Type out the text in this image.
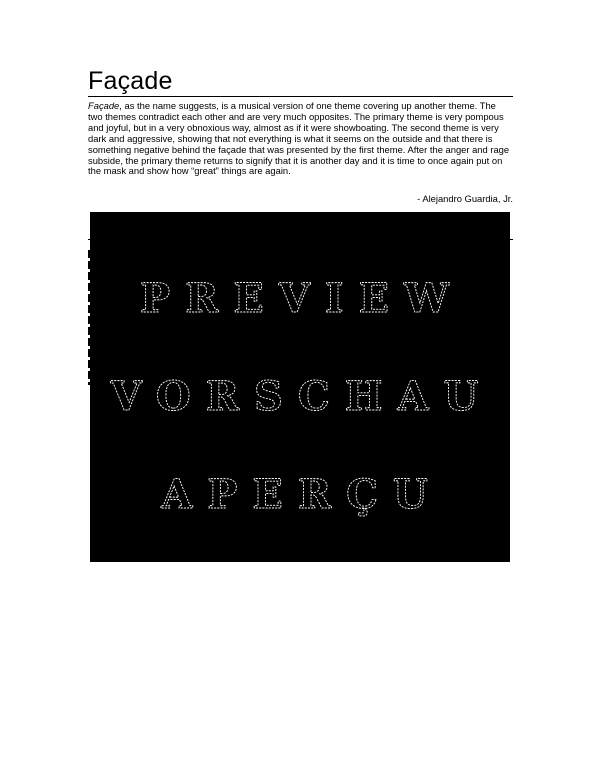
Façade

Façade, as the name suggests, is a musical version of one theme covering up another theme. The two themes contradict each other and are very much opposites. The primary theme is very pompous and joyful, but in a very obnoxious way, almost as if it were showboating. The second theme is very dark and aggressive, showing that not everything is what it seems on the outside and that there is something negative behind the façade that was presented by the first theme. After the anger and rage subside, the primary theme returns to signify that it is another day and it is time to once again put on the mask and show how “great” things are again.

- Alejandro Guardia, Jr.
PREVIEW
VORSCHAU
APERÇU
